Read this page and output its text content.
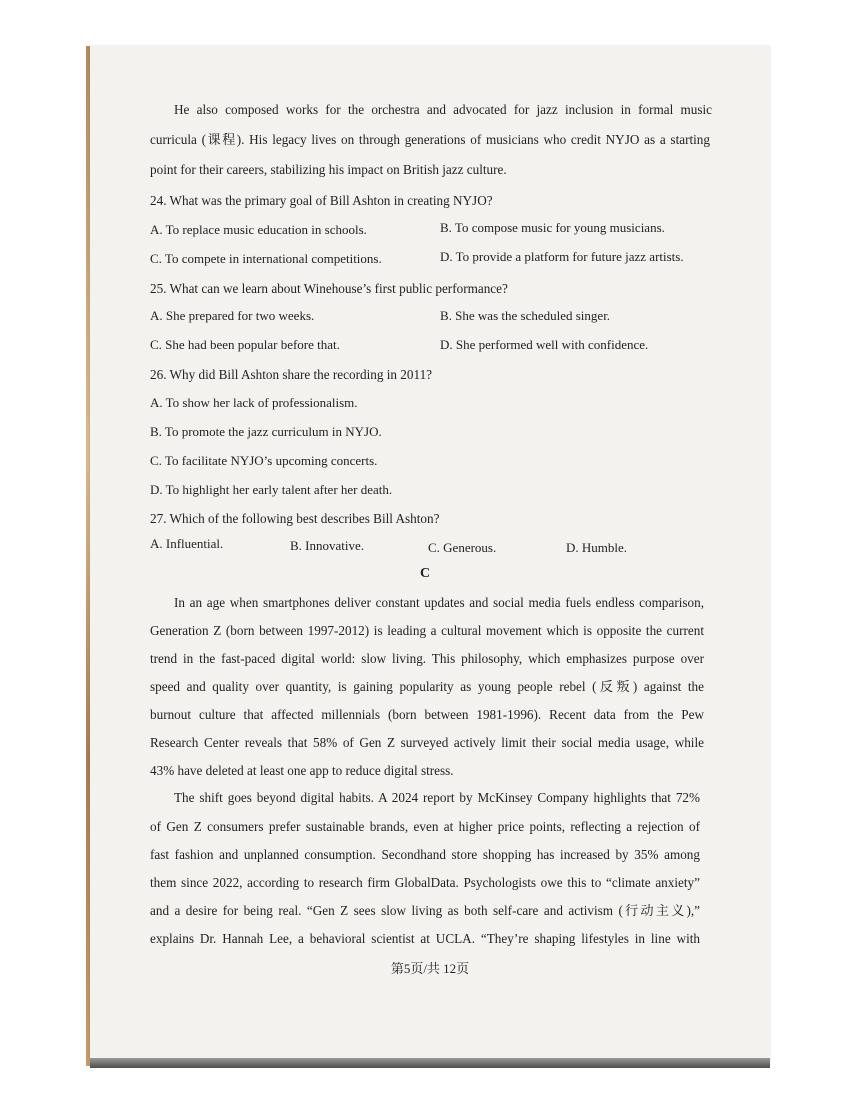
He also composed works for the orchestra and advocated for jazz inclusion in formal music
curricula (课程). His legacy lives on through generations of musicians who credit NYJO as a starting
point for their careers, stabilizing his impact on British jazz culture.
24. What was the primary goal of Bill Ashton in creating NYJO?
A. To replace music education in schools.	B. To compose music for young musicians.
C. To compete in international competitions.	D. To provide a platform for future jazz artists.
25. What can we learn about Winehouse’s first public performance?
A. She prepared for two weeks.	B. She was the scheduled singer.
C. She had been popular before that.	D. She performed well with confidence.
26. Why did Bill Ashton share the recording in 2011?
A. To show her lack of professionalism.
B. To promote the jazz curriculum in NYJO.
C. To facilitate NYJO’s upcoming concerts.
D. To highlight her early talent after her death.
27. Which of the following best describes Bill Ashton?
A. Influential.	B. Innovative.	C. Generous.	D. Humble.
C
In an age when smartphones deliver constant updates and social media fuels endless comparison,
Generation Z (born between 1997-2012) is leading a cultural movement which is opposite the current
trend in the fast-paced digital world: slow living. This philosophy, which emphasizes purpose over
speed and quality over quantity, is gaining popularity as young people rebel (反叛) against the
burnout culture that affected millennials (born between 1981-1996). Recent data from the Pew
Research Center reveals that 58% of Gen Z surveyed actively limit their social media usage, while
43% have deleted at least one app to reduce digital stress.
The shift goes beyond digital habits. A 2024 report by McKinsey Company highlights that 72%
of Gen Z consumers prefer sustainable brands, even at higher price points, reflecting a rejection of
fast fashion and unplanned consumption. Secondhand store shopping has increased by 35% among
them since 2022, according to research firm GlobalData. Psychologists owe this to “climate anxiety”
and a desire for being real. “Gen Z sees slow living as both self-care and activism (行动主义),”
explains Dr. Hannah Lee, a behavioral scientist at UCLA. “They’re shaping lifestyles in line with
第5页/共 12页
